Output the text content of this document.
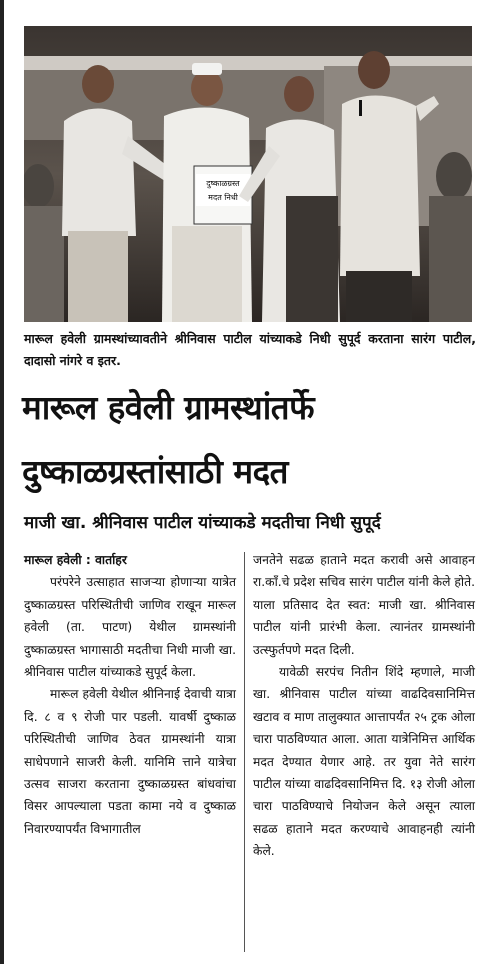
दुष्काळग्रस्त
मदत निधी
मारूल हवेली ग्रामस्थांच्यावतीने श्रीनिवास पाटील यांच्याकडे निधी सुपूर्द करताना सारंग पाटील, दादासो नांगरे व इतर.
मारूल हवेली ग्रामस्थांतर्फे
दुष्काळग्रस्तांसाठी मदत
माजी खा. श्रीनिवास पाटील यांच्याकडे मदतीचा निधी सुपूर्द
मारूल हवेली : वार्ताहर

परंपरेने उत्साहात साजऱ्या होणाऱ्या यात्रेत दुष्काळग्रस्त परिस्थितीची जाणिव राखून मारूल हवेली (ता. पाटण) येथील ग्रामस्थांनी दुष्काळग्रस्त भागासाठी मदतीचा निधी माजी खा. श्रीनिवास पाटील यांच्याकडे सुपूर्द केला.

मारूल हवेली येथील श्रीनिनाई देवाची यात्रा दि. ८ व ९ रोजी पार पडली. यावर्षी दुष्काळ परिस्थितीची जाणिव ठेवत ग्रामस्थांनी यात्रा साधेपणाने साजरी केली. यानिमि त्ताने यात्रेचा उत्सव साजरा करताना दुष्काळग्रस्त बांधवांचा विसर आपल्याला पडता कामा नये व दुष्काळ निवारण्यापर्यंत विभागातील

जनतेने सढळ हाताने मदत करावी असे आवाहन रा.कॉं.चे प्रदेश सचिव सारंग पाटील यांनी केले होते. याला प्रतिसाद देत स्वत: माजी खा. श्रीनिवास पाटील यांनी प्रारंभी केला. त्यानंतर ग्रामस्थांनी उत्स्फुर्तपणे मदत दिली.

यावेळी सरपंच नितीन शिंदे म्हणाले, माजी खा. श्रीनिवास पाटील यांच्या वाढदिवसानिमित्त खटाव व माण तालुक्यात आत्तापर्यंत २५ ट्रक ओला चारा पाठविण्यात आला. आता यात्रेनिमित्त आर्थिक मदत देण्यात येणार आहे. तर युवा नेते सारंग पाटील यांच्या वाढदिवसानिमित्त दि. १३ रोजी ओला चारा पाठविण्याचे नियोजन केले असून त्याला सढळ हाताने मदत करण्याचे आवाहनही त्यांनी केले.
